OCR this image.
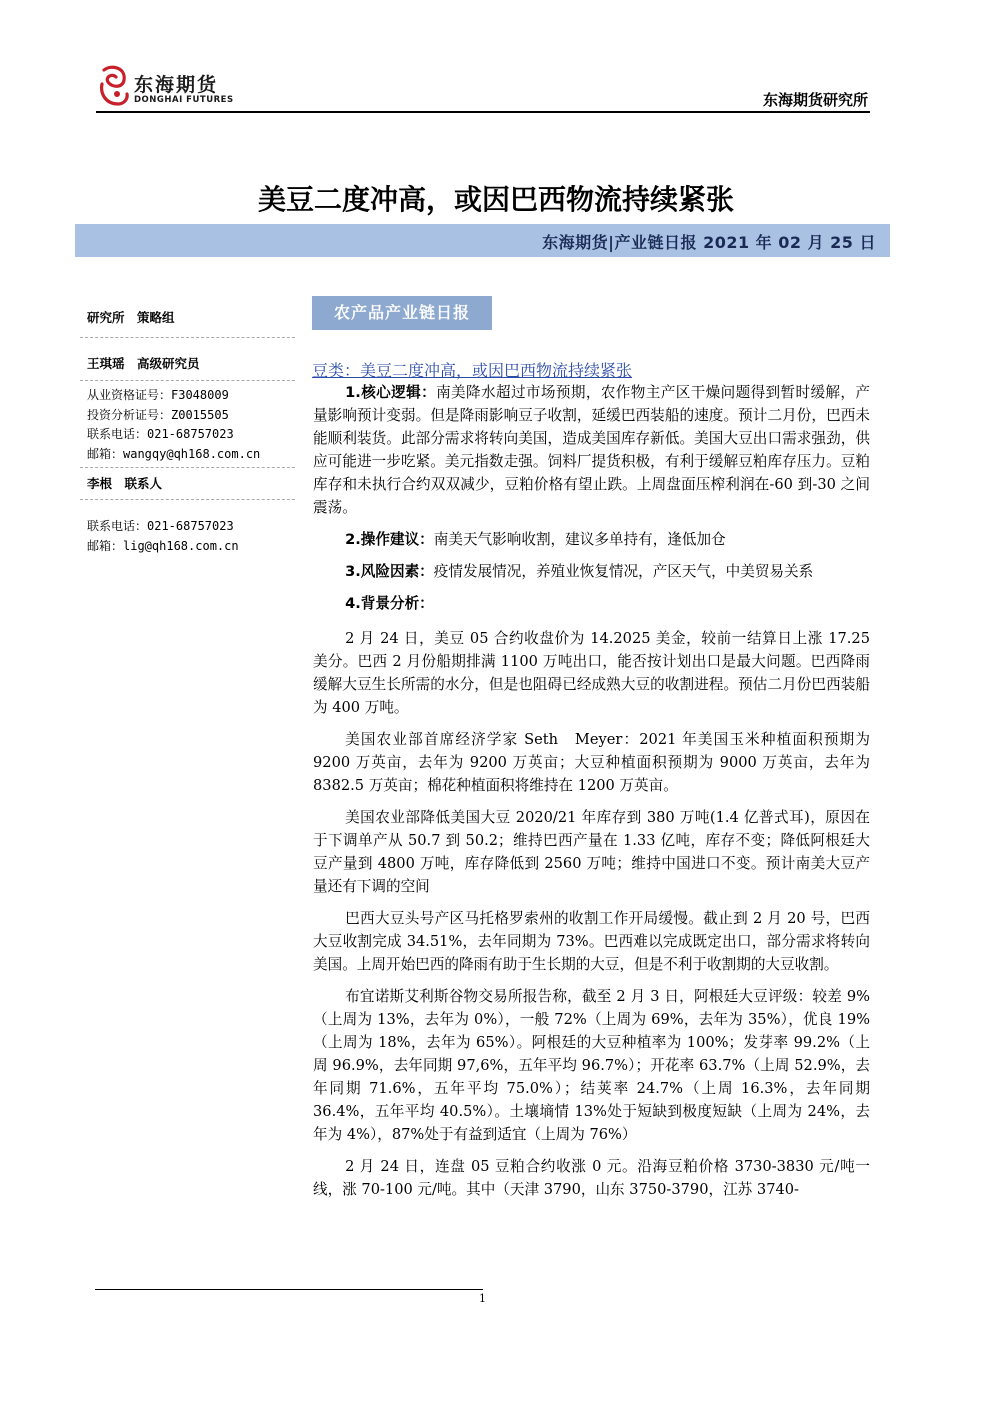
东海期货
DONGHAI FUTURES	东海期货研究所
美豆二度冲高，或因巴西物流持续紧张
东海期货|产业链日报 2021 年 02 月 25 日
研究所　策略组
王琪瑶　高级研究员
从业资格证号：F3048009
投资分析证号：Z0015505
联系电话：021-68757023
邮箱：wangqy@qh168.com.cn
李根　联系人
联系电话：021-68757023
邮箱：lig@qh168.com.cn
农产品产业链日报
豆类：美豆二度冲高，或因巴西物流持续紧张

1.核心逻辑：南美降水超过市场预期，农作物主产区干燥问题得到暂时缓解，产量影响预计变弱。但是降雨影响豆子收割，延缓巴西装船的速度。预计二月份，巴西未能顺利装货。此部分需求将转向美国，造成美国库存新低。美国大豆出口需求强劲，供应可能进一步吃紧。美元指数走强。饲料厂提货积极，有利于缓解豆粕库存压力。豆粕库存和未执行合约双双减少，豆粕价格有望止跌。上周盘面压榨利润在-60 到-30 之间震荡。

2.操作建议：南美天气影响收割，建议多单持有，逢低加仓

3.风险因素：疫情发展情况，养殖业恢复情况，产区天气，中美贸易关系

4.背景分析：

2 月 24 日，美豆 05 合约收盘价为 14.2025 美金，较前一结算日上涨 17.25 美分。巴西 2 月份船期排满 1100 万吨出口，能否按计划出口是最大问题。巴西降雨缓解大豆生长所需的水分，但是也阻碍已经成熟大豆的收割进程。预估二月份巴西装船为 400 万吨。

美国农业部首席经济学家 Seth　Meyer：2021 年美国玉米种植面积预期为 9200 万英亩，去年为 9200 万英亩；大豆种植面积预期为 9000 万英亩，去年为 8382.5 万英亩；棉花种植面积将维持在 1200 万英亩。

美国农业部降低美国大豆 2020/21 年库存到 380 万吨(1.4 亿普式耳)，原因在于下调单产从 50.7 到 50.2；维持巴西产量在 1.33 亿吨，库存不变；降低阿根廷大豆产量到 4800 万吨，库存降低到 2560 万吨；维持中国进口不变。预计南美大豆产量还有下调的空间

巴西大豆头号产区马托格罗索州的收割工作开局缓慢。截止到 2 月 20 号，巴西大豆收割完成 34.51%，去年同期为 73%。巴西难以完成既定出口，部分需求将转向美国。上周开始巴西的降雨有助于生长期的大豆，但是不利于收割期的大豆收割。

布宜诺斯艾利斯谷物交易所报告称，截至 2 月 3 日，阿根廷大豆评级：较差 9%（上周为 13%，去年为 0%），一般 72%（上周为 69%，去年为 35%），优良 19%（上周为 18%，去年为 65%）。阿根廷的大豆种植率为 100%；发芽率 99.2%（上周 96.9%，去年同期 97,6%，五年平均 96.7%）；开花率 63.7%（上周 52.9%，去年同期 71.6%，五年平均 75.0%）；结荚率 24.7%（上周 16.3%，去年同期 36.4%，五年平均 40.5%）。土壤墒情 13%处于短缺到极度短缺（上周为 24%，去年为 4%），87%处于有益到适宜（上周为 76%）

2 月 24 日，连盘 05 豆粕合约收涨 0 元。沿海豆粕价格 3730-3830 元/吨一线，涨 70-100 元/吨。其中（天津 3790，山东 3750-3790，江苏 3740-

1
